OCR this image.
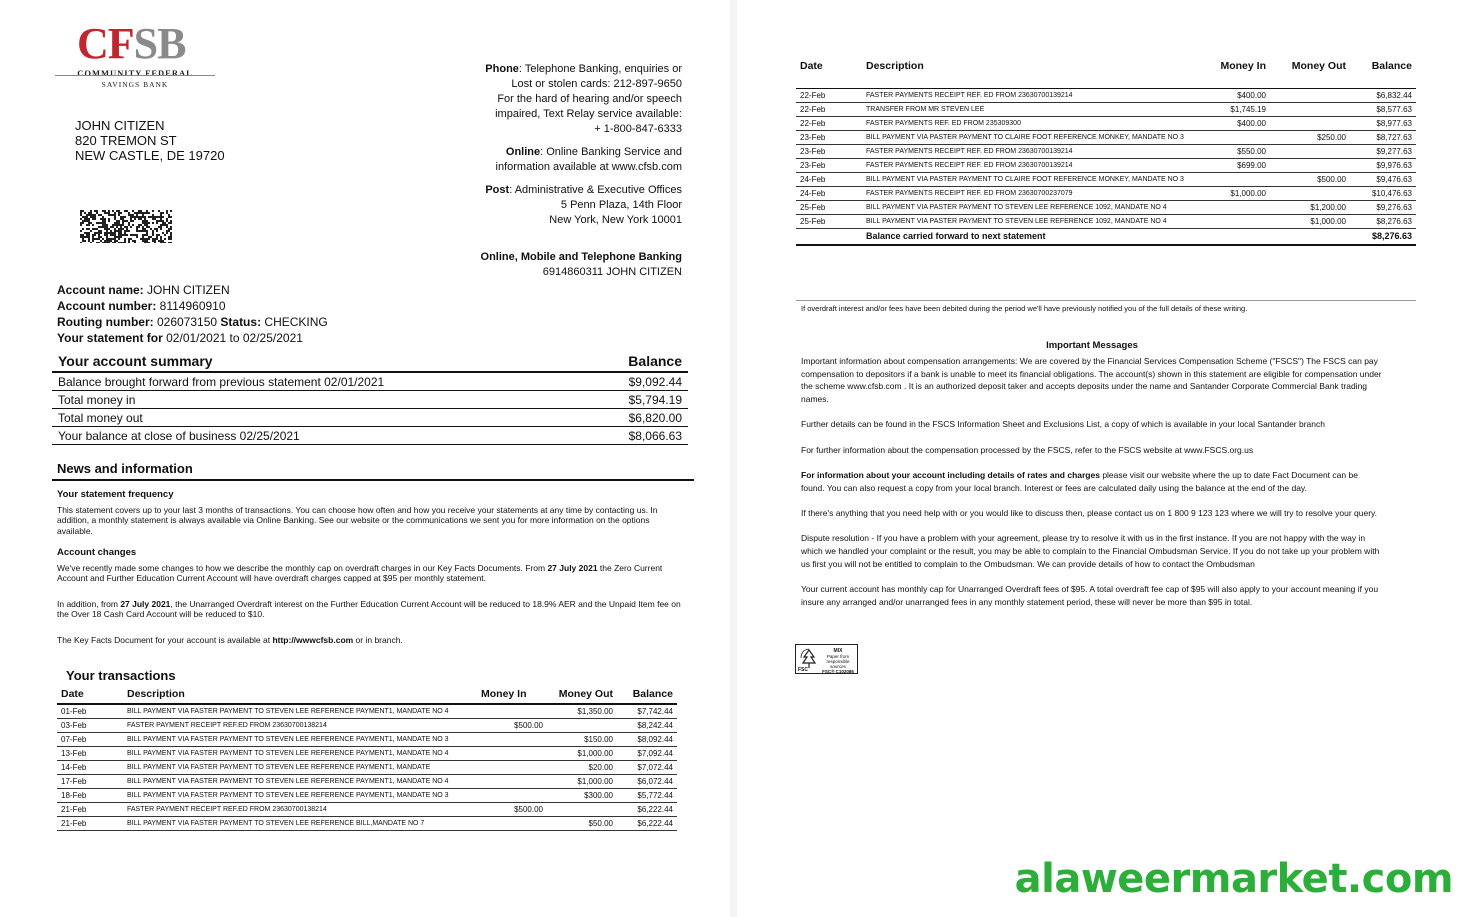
CFSB
COMMUNITY FEDERAL
SAVINGS BANK
JOHN CITIZEN
820 TREMON ST
NEW CASTLE, DE 19720
Phone: Telephone Banking, enquiries or
Lost or stolen cards: 212-897-9650
For the hard of hearing and/or speech
impaired, Text Relay service available:
+ 1-800-847-6333
Online: Online Banking Service and
information available at www.cfsb.com
Post: Administrative & Executive Offices
5 Penn Plaza, 14th Floor
New York, New York 10001
Online, Mobile and Telephone Banking
6914860311 JOHN CITIZEN
Account name: JOHN CITIZEN
Account number: 8114960910
Routing number: 026073150 Status: CHECKING
Your statement for 02/01/2021 to 02/25/2021
Your account summary	Balance
Balance brought forward from previous statement 02/01/2021	$9,092.44
Total money in	$5,794.19
Total money out	$6,820.00
Your balance at close of business 02/25/2021	$8,066.63
News and information
Your statement frequency

This statement covers up to your last 3 months of transactions. You can choose how often and how you receive your statements at any time by contacting us. In addition, a monthly statement is always available via Online Banking. See our website or the communications we sent you for more information on the options available.

Account changes

We've recently made some changes to how we describe the monthly cap on overdraft charges in our Key Facts Documents. From 27 July 2021 the Zero Current Account and Further Education Current Account will have overdraft charges capped at $95 per monthly statement.

In addition, from 27 July 2021, the Unarranged Overdraft interest on the Further Education Current Account will be reduced to 18.9% AER and the Unpaid Item fee on the Over 18 Cash Card Account will be reduced to $10.

The Key Facts Document for your account is available at http://wwwcfsb.com or in branch.

Your transactions
Date	Description	Money In	Money Out	Balance
01-Feb	BILL PAYMENT VIA FASTER PAYMENT TO STEVEN LEE REFERENCE PAYMENT1, MANDATE NO 4		$1,350.00	$7,742.44
03-Feb	FASTER PAYMENT RECEIPT REF.ED FROM 23630700138214	$500.00		$8,242.44
07-Feb	BILL PAYMENT VIA FASTER PAYMENT TO STEVEN LEE REFERENCE PAYMENT1, MANDATE NO 3		$150.00	$8,092.44
13-Feb	BILL PAYMENT VIA FASTER PAYMENT TO STEVEN LEE REFERENCE PAYMENT1, MANDATE NO 4		$1,000.00	$7,092.44
14-Feb	BILL PAYMENT VIA FASTER PAYMENT TO STEVEN LEE REFERENCE PAYMENT1, MANDATE		$20.00	$7,072.44
17-Feb	BILL PAYMENT VIA FASTER PAYMENT TO STEVEN LEE REFERENCE PAYMENT1, MANDATE NO 4		$1,000.00	$6,072.44
18-Feb	BILL PAYMENT VIA FASTER PAYMENT TO STEVEN LEE REFERENCE PAYMENT1, MANDATE NO 3		$300.00	$5,772.44
21-Feb	FASTER PAYMENT RECEIPT REF.ED FROM 23630700138214	$500.00		$6,222.44
21-Feb	BILL PAYMENT VIA FASTER PAYMENT TO STEVEN LEE REFERENCE BILL,MANDATE NO 7		$50.00	$6,222.44
Date	Description	Money In	Money Out	Balance
22-Feb	FASTER PAYMENTS RECEIPT REF. ED FROM 23630700139214	$400.00		$6,832.44
22-Feb	TRANSFER FROM MR STEVEN LEE	$1,745.19		$8,577.63
22-Feb	FASTER PAYMENTS REF. ED FROM 235309300	$400.00		$8,977.63
23-Feb	BILL PAYMENT VIA PASTER PAYMENT TO CLAIRE FOOT REFERENCE MONKEY, MANDATE NO 3		$250.00	$8,727.63
23-Feb	FASTER PAYMENTS RECEIPT REF. ED FROM 23630700139214	$550.00		$9,277.63
23-Feb	FASTER PAYMENTS RECEIPT REF. ED FROM 23630700139214	$699.00		$9,976.63
24-Feb	BILL PAYMENT VIA PASTER PAYMENT TO CLAIRE FOOT REFERENCE MONKEY, MANDATE NO 3		$500.00	$9,476.63
24-Feb	FASTER PAYMENTS RECEIPT REF. ED FROM 23630700237079	$1,000.00		$10,476.63
25-Feb	BILL PAYMENT VIA PASTER PAYMENT TO STEVEN LEE REFERENCE 1092, MANDATE NO 4		$1,200.00	$9,276.63
25-Feb	BILL PAYMENT VIA PASTER PAYMENT TO STEVEN LEE REFERENCE 1092, MANDATE NO 4		$1,000.00	$8,276.63
	Balance carried forward to next statement			$8,276.63
If overdraft interest and/or fees have been debited during the period we'll have previously notified you of the full details of these writing.
Important Messages

Important information about compensation arrangements: We are covered by the Financial Services Compensation Scheme ("FSCS") The FSCS can pay compensation to depositors if a bank is unable to meet its financial obligations. The account(s) shown in this statement are eligible for compensation under the scheme www.cfsb.com . It is an authorized deposit taker and accepts deposits under the name and Santander Corporate Commercial Bank trading names.

Further details can be found in the FSCS Information Sheet and Exclusions List, a copy of which is available in your local Santander branch

For further information about the compensation processed by the FSCS, refer to the FSCS website at www.FSCS.org.us

For information about your account including details of rates and charges please visit our website where the up to date Fact Document can be found. You can also request a copy from your local branch. Interest or fees are calculated daily using the balance at the end of the day.

If there's anything that you need help with or you would like to discuss then, please contact us on 1 800 9 123 123 where we will try to resolve your query.

Dispute resolution - If you have a problem with your agreement, please try to resolve it with us in the first instance. If you are not happy with the way in which we handled your complaint or the result, you may be able to complain to the Financial Ombudsman Service. If you do not take up your problem with us first you will not be entitled to complain to the Ombudsman. We can provide details of how to contact the Ombudsman

Your current account has monthly cap for Unarranged Overdraft fees of $95. A total overdraft fee cap of $95 will also apply to your account meaning if you insure any arranged and/or unarranged fees in any monthly statement period, these will never be more than $95 in total.

MIX
Paper from
responsible sources
FSC® C102086
FSC
alaweermarket.com
